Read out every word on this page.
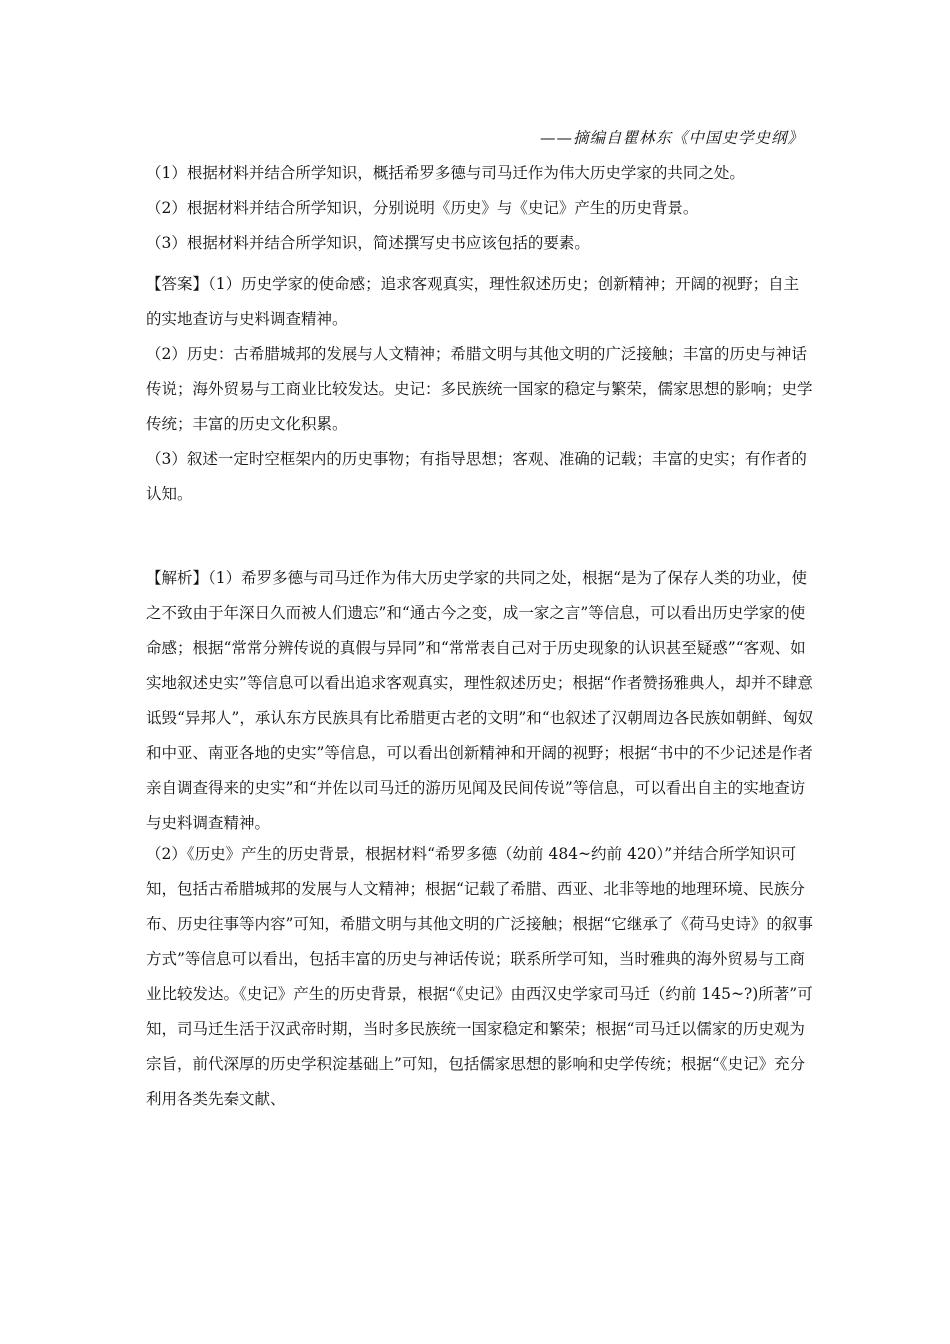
——摘编自瞿林东《中国史学史纲》

（1）根据材料并结合所学知识，概括希罗多德与司马迁作为伟大历史学家的共同之处。

（2）根据材料并结合所学知识，分别说明《历史》与《史记》产生的历史背景。

（3）根据材料并结合所学知识，简述撰写史书应该包括的要素。

【答案】（1）历史学家的使命感；追求客观真实，理性叙述历史；创新精神；开阔的视野；自主的实地查访与史料调查精神。

（2）历史：古希腊城邦的发展与人文精神；希腊文明与其他文明的广泛接触；丰富的历史与神话传说；海外贸易与工商业比较发达。史记：多民族统一国家的稳定与繁荣，儒家思想的影响；史学传统；丰富的历史文化积累。

（3）叙述一定时空框架内的历史事物；有指导思想；客观、准确的记载；丰富的史实；有作者的认知。

【解析】（1）希罗多德与司马迁作为伟大历史学家的共同之处，根据“是为了保存人类的功业，使之不致由于年深日久而被人们遗忘”和“通古今之变，成一家之言”等信息，可以看出历史学家的使命感；根据“常常分辨传说的真假与异同”和“常常表自己对于历史现象的认识甚至疑惑”“客观、如实地叙述史实”等信息可以看出追求客观真实，理性叙述历史；根据“作者赞扬雅典人，却并不肆意诋毁“异邦人”，承认东方民族具有比希腊更古老的文明”和“也叙述了汉朝周边各民族如朝鲜、匈奴和中亚、南亚各地的史实”等信息，可以看出创新精神和开阔的视野；根据“书中的不少记述是作者亲自调查得来的史实”和“并佐以司马迁的游历见闻及民间传说”等信息，可以看出自主的实地查访与史料调查精神。

（2）《历史》产生的历史背景，根据材料“希罗多德（幼前 484~约前 420）”并结合所学知识可知，包括古希腊城邦的发展与人文精神；根据“记载了希腊、西亚、北非等地的地理环境、民族分布、历史往事等内容”可知，希腊文明与其他文明的广泛接触；根据“它继承了《荷马史诗》的叙事方式”等信息可以看出，包括丰富的历史与神话传说；联系所学可知，当时雅典的海外贸易与工商业比较发达。《史记》产生的历史背景，根据“《史记》由西汉史学家司马迁（约前 145~?)所著”可知，司马迁生活于汉武帝时期，当时多民族统一国家稳定和繁荣；根据“司马迁以儒家的历史观为宗旨，前代深厚的历史学积淀基础上”可知，包括儒家思想的影响和史学传统；根据“《史记》充分利用各类先秦文献、
